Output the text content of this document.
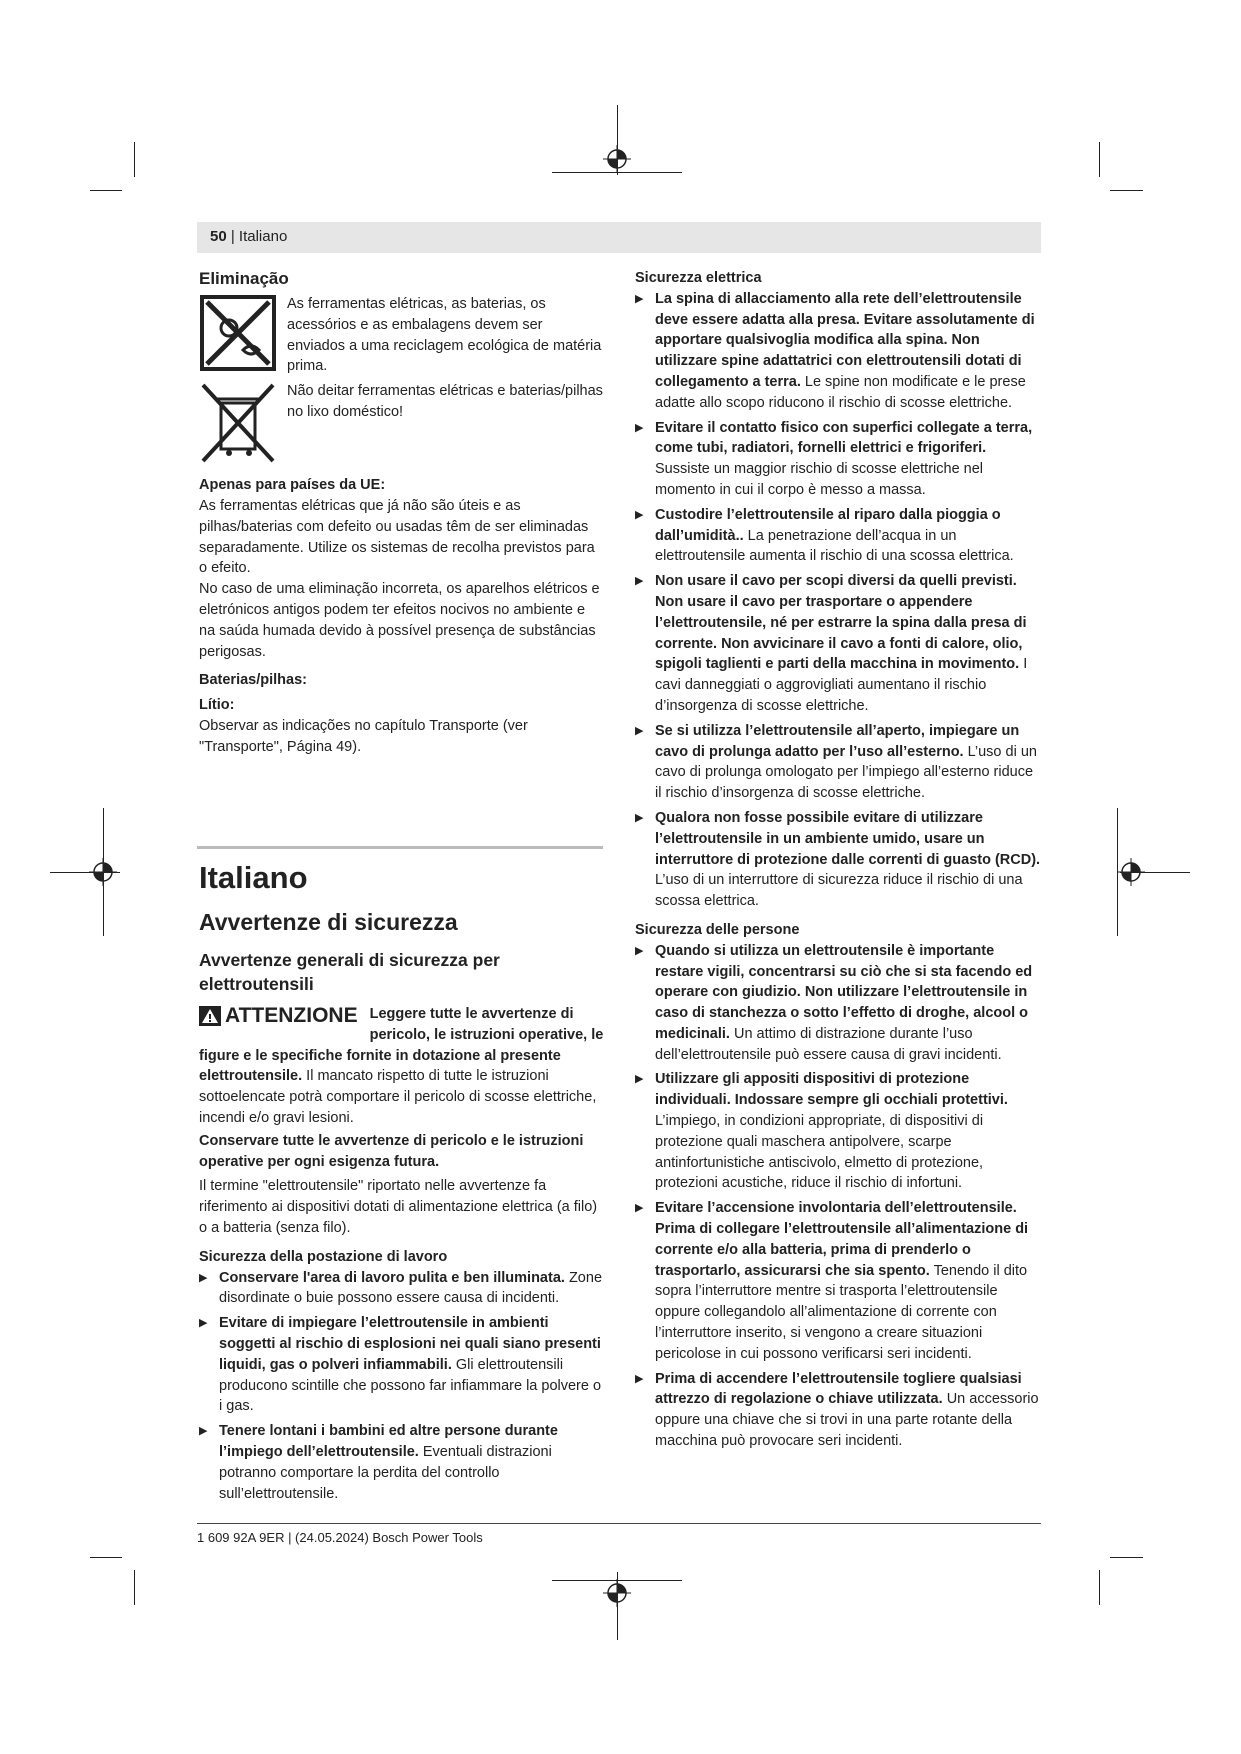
50 | Italiano
Eliminação

As ferramentas elétricas, as baterias, os acessórios e as embalagens devem ser enviados a uma reciclagem ecológica de matéria prima.

Não deitar ferramentas elétricas e baterias/pilhas no lixo doméstico!

Apenas para países da UE:

As ferramentas elétricas que já não são úteis e as pilhas/baterias com defeito ou usadas têm de ser eliminadas separadamente. Utilize os sistemas de recolha previstos para o efeito.

No caso de uma eliminação incorreta, os aparelhos elétricos e eletrónicos antigos podem ter efeitos nocivos no ambiente e na saúda humada devido à possível presença de substâncias perigosas.

Baterias/pilhas:

Lítio:

Observar as indicações no capítulo Transporte (ver "Transporte", Página 49).

Italiano
Avvertenze di sicurezza
Avvertenze generali di sicurezza per elettroutensili
ATTENZIONE Leggere tutte le avvertenze di pericolo, le istruzioni operative, le figure e le specifiche fornite in dotazione al presente elettroutensile. Il mancato rispetto di tutte le istruzioni sottoelencate potrà comportare il pericolo di scosse elettriche, incendi e/o gravi lesioni.

Conservare tutte le avvertenze di pericolo e le istruzioni operative per ogni esigenza futura.

Il termine "elettroutensile" riportato nelle avvertenze fa riferimento ai dispositivi dotati di alimentazione elettrica (a filo) o a batteria (senza filo).

Sicurezza della postazione di lavoro

▶ Conservare l'area di lavoro pulita e ben illuminata. Zone disordinate o buie possono essere causa di incidenti.
▶ Evitare di impiegare l’elettroutensile in ambienti soggetti al rischio di esplosioni nei quali siano presenti liquidi, gas o polveri infiammabili. Gli elettroutensili producono scintille che possono far infiammare la polvere o i gas.
▶ Tenere lontani i bambini ed altre persone durante l’impiego dell’elettroutensile. Eventuali distrazioni potranno comportare la perdita del controllo sull’elettroutensile.

Sicurezza elettrica

▶ La spina di allacciamento alla rete dell’elettroutensile deve essere adatta alla presa. Evitare assolutamente di apportare qualsivoglia modifica alla spina. Non utilizzare spine adattatrici con elettroutensili dotati di collegamento a terra. Le spine non modificate e le prese adatte allo scopo riducono il rischio di scosse elettriche.
▶ Evitare il contatto fisico con superfici collegate a terra, come tubi, radiatori, fornelli elettrici e frigoriferi. Sussiste un maggior rischio di scosse elettriche nel momento in cui il corpo è messo a massa.
▶ Custodire l’elettroutensile al riparo dalla pioggia o dall’umidità.. La penetrazione dell’acqua in un elettroutensile aumenta il rischio di una scossa elettrica.
▶ Non usare il cavo per scopi diversi da quelli previsti. Non usare il cavo per trasportare o appendere l’elettroutensile, né per estrarre la spina dalla presa di corrente. Non avvicinare il cavo a fonti di calore, olio, spigoli taglienti e parti della macchina in movimento. I cavi danneggiati o aggrovigliati aumentano il rischio d’insorgenza di scosse elettriche.
▶ Se si utilizza l’elettroutensile all’aperto, impiegare un cavo di prolunga adatto per l’uso all’esterno. L’uso di un cavo di prolunga omologato per l’impiego all’esterno riduce il rischio d’insorgenza di scosse elettriche.
▶ Qualora non fosse possibile evitare di utilizzare l’elettroutensile in un ambiente umido, usare un interruttore di protezione dalle correnti di guasto (RCD). L’uso di un interruttore di sicurezza riduce il rischio di una scossa elettrica.

Sicurezza delle persone

▶ Quando si utilizza un elettroutensile è importante restare vigili, concentrarsi su ciò che si sta facendo ed operare con giudizio. Non utilizzare l’elettroutensile in caso di stanchezza o sotto l’effetto di droghe, alcool o medicinali. Un attimo di distrazione durante l’uso dell’elettroutensile può essere causa di gravi incidenti.
▶ Utilizzare gli appositi dispositivi di protezione individuali. Indossare sempre gli occhiali protettivi. L’impiego, in condizioni appropriate, di dispositivi di protezione quali maschera antipolvere, scarpe antinfortunistiche antiscivolo, elmetto di protezione, protezioni acustiche, riduce il rischio di infortuni.
▶ Evitare l’accensione involontaria dell’elettroutensile. Prima di collegare l’elettroutensile all’alimentazione di corrente e/o alla batteria, prima di prenderlo o trasportarlo, assicurarsi che sia spento. Tenendo il dito sopra l’interruttore mentre si trasporta l’elettroutensile oppure collegandolo all’alimentazione di corrente con l’interruttore inserito, si vengono a creare situazioni pericolose in cui possono verificarsi seri incidenti.
▶ Prima di accendere l’elettroutensile togliere qualsiasi attrezzo di regolazione o chiave utilizzata. Un accessorio oppure una chiave che si trovi in una parte rotante della macchina può provocare seri incidenti.
1 609 92A 9ER | (24.05.2024) Bosch Power Tools
